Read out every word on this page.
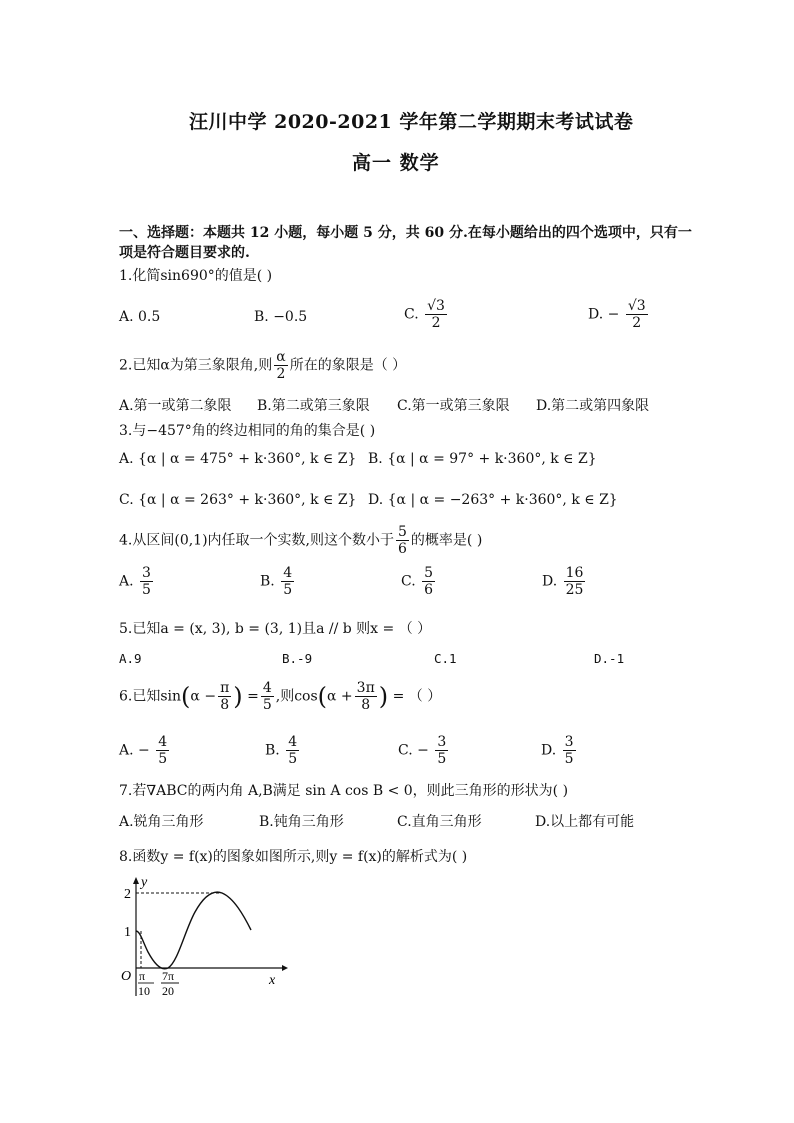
汪川中学 2020-2021 学年第二学期期末考试试卷
高一 数学
一、选择题：本题共 12 小题，每小题 5 分，共 60 分.在每小题给出的四个选项中，只有一
项是符合题目要求的.
1.化简sin690°的值是( )
A. 0.5	B. −0.5	C. $\frac{√3}{2}$	D. − $\frac{√3}{2}$
2.已知α为第三象限角,则 $\frac{\alpha}{2}$ 所在的象限是（ ）
A.第一或第二象限 B.第二或第三象限 C.第一或第三象限 D.第二或第四象限
3.与−457°角的终边相同的角的集合是( )
A. {α | α = 475° + k·360°, k ∈ Z} B. {α | α = 97° + k·360°, k ∈ Z}
C. {α | α = 263° + k·360°, k ∈ Z} D. {α | α = −263° + k·360°, k ∈ Z}
4.从区间(0,1)内任取一个实数,则这个数小于 $\frac{5}{6}$ 的概率是( )
A. $\frac{3}{5}$	B. $\frac{4}{5}$	C. $\frac{5}{6}$	D. $\frac{16}{25}$
5.已知a = (x, 3), b = (3, 1)且a // b 则x = （ ）
A.9	B.-9	C.1	D.-1
6.已知$\sin(\alpha - \frac{\pi}{8}$ ) = $\frac{4}{5}$ ,则$\cos(\alpha + \frac{3\pi}{8}$ ) = （ ）
A. − $\frac{4}{5}$	B. $\frac{4}{5}$	C. − $\frac{3}{5}$	D. $\frac{3}{5}$
7.若∇ABC的两内角 A,B满足 sin A cos B < 0，则此三角形的形状为( )
A.锐角三角形	B.钝角三角形	C.直角三角形	D.以上都有可能
8.函数y = f(x)的图象如图所示,则y = f(x)的解析式为( )
2
1
y
x
O π
10
7π
20
